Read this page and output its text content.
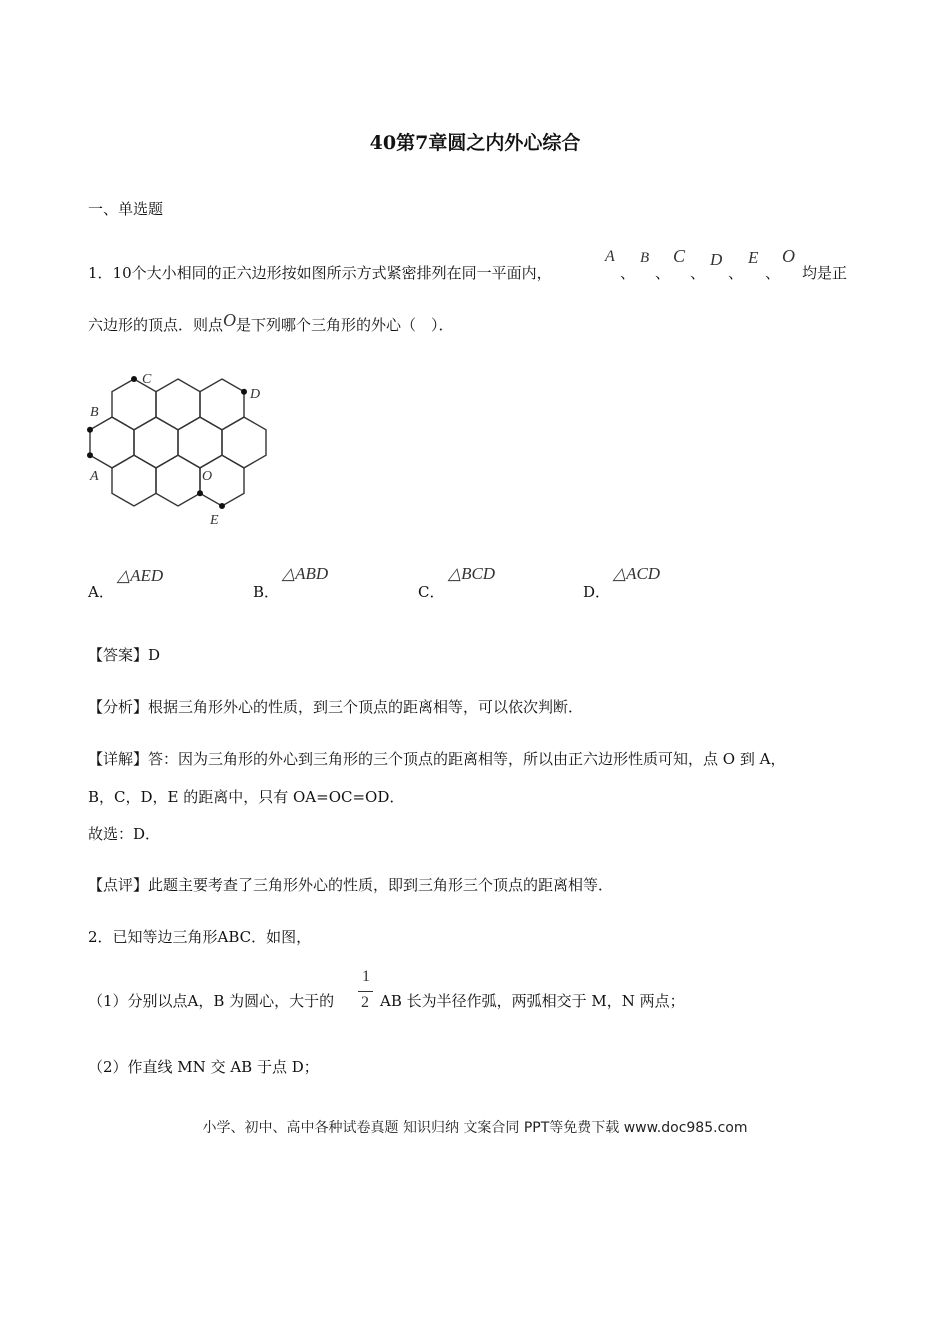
40第7章圆之内外心综合
一、单选题
1．10个大小相同的正六边形按如图所示方式紧密排列在同一平面内，
A
、
B
、
C
、
D
、
E
、
O
均是正
六边形的顶点．则点O是下列哪个三角形的外心（　）．
C
B
D
A	O
E
A．
△AED
B．
△ABD
C．
△BCD
D．
△ACD
【答案】D
【分析】根据三角形外心的性质，到三个顶点的距离相等，可以依次判断．
【详解】答：因为三角形的外心到三角形的三个顶点的距离相等，所以由正六边形性质可知，点 O 到 A，
B，C，D，E 的距离中，只有 OA=OC=OD．
故选：D．
【点评】此题主要考查了三角形外心的性质，即到三角形三个顶点的距离相等．
2．已知等边三角形ABC．如图，
（1）分别以点A，B 为圆心，大于的
1
2 AB 长为半径作弧，两弧相交于 M，N 两点；
（2）作直线 MN 交 AB 于点 D；
小学、初中、高中各种试卷真题 知识归纳 文案合同 PPT等免费下载 www.doc985.com
